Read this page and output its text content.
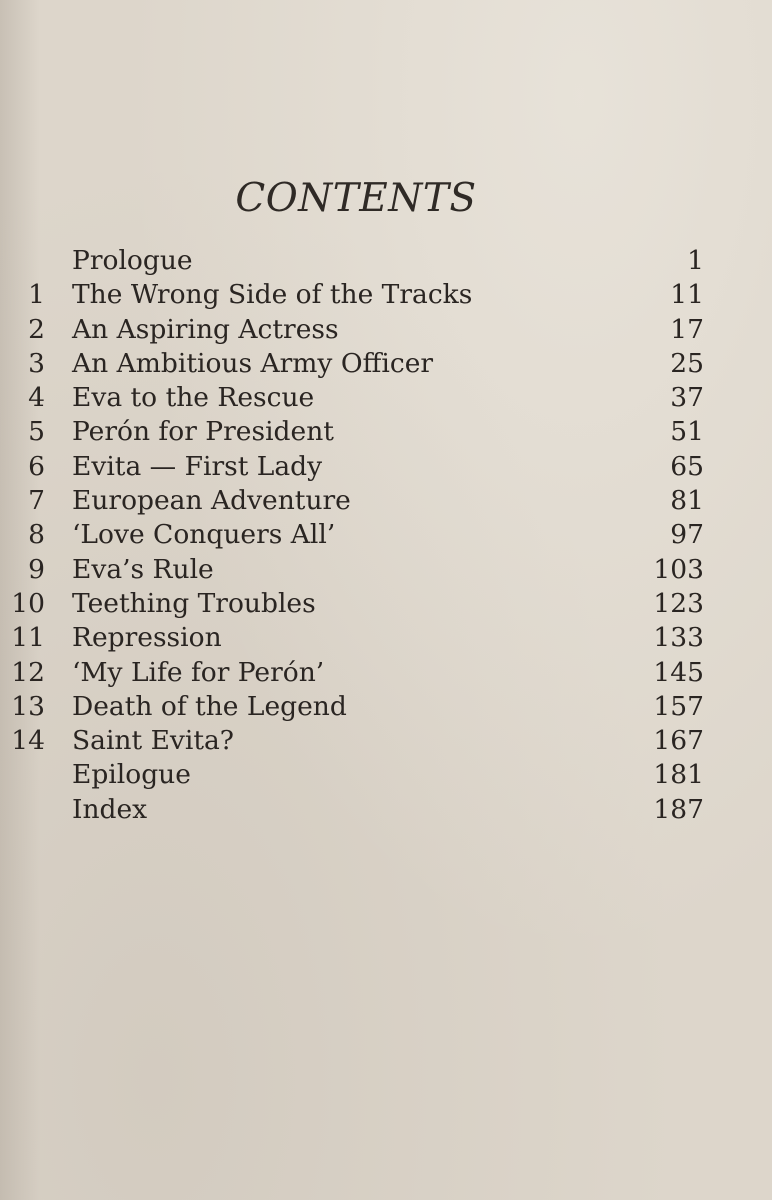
CONTENTS
Prologue	1
1 The Wrong Side of the Tracks	11
2 An Aspiring Actress	17
3 An Ambitious Army Officer	25
4 Eva to the Rescue	37
5 Perón for President	51
6 Evita — First Lady	65
7 European Adventure	81
8 ‘Love Conquers All’	97
9 Eva’s Rule	103
10 Teething Troubles	123
11 Repression	133
12 ‘My Life for Perón’	145
13 Death of the Legend	157
14 Saint Evita?	167
Epilogue	181
Index	187
